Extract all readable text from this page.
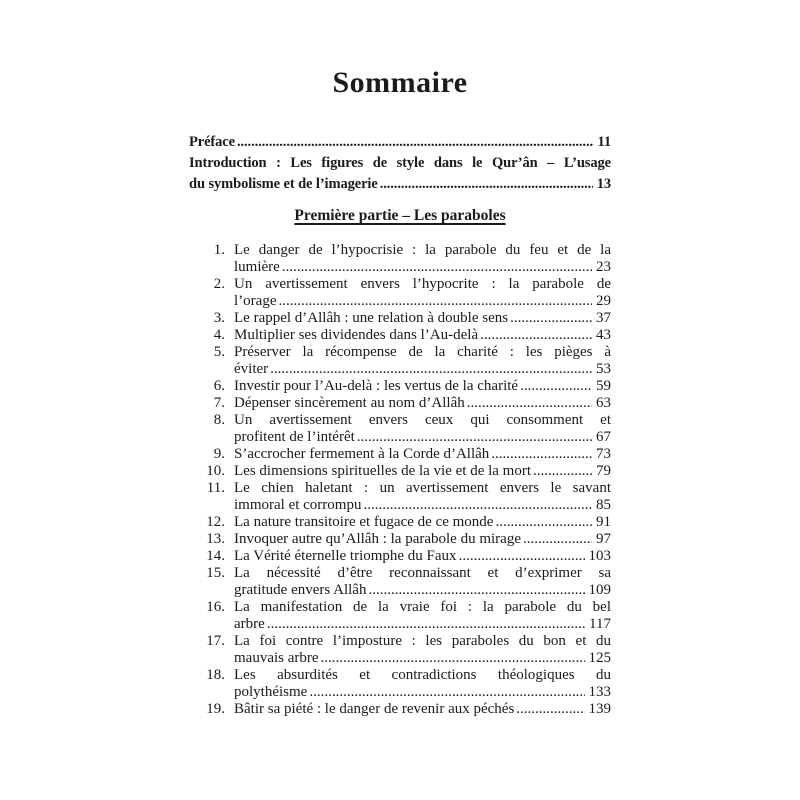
Sommaire
Préface .....	11
Introduction : Les figures de style dans le Qur’ân – L’usage
du symbolisme et de l’imagerie .....	13
Première partie – Les paraboles
1. Le danger de l’hypocrisie : la parabole du feu et de la
lumière .....	23
2. Un avertissement envers l’hypocrite : la parabole de
l’orage .....	29
3. Le rappel d’Allâh : une relation à double sens .....	37
4. Multiplier ses dividendes dans l’Au-delà .....	43
5. Préserver la récompense de la charité : les pièges à
éviter .....	53
6. Investir pour l’Au-delà : les vertus de la charité .....	59
7. Dépenser sincèrement au nom d’Allâh .....	63
8. Un avertissement envers ceux qui consomment et
profitent de l’intérêt .....	67
9. S’accrocher fermement à la Corde d’Allâh .....	73
10. Les dimensions spirituelles de la vie et de la mort .....	79
11. Le chien haletant : un avertissement envers le savant
immoral et corrompu .....	85
12. La nature transitoire et fugace de ce monde .....	91
13. Invoquer autre qu’Allâh : la parabole du mirage .....	97
14. La Vérité éternelle triomphe du Faux .....	103
15. La nécessité d’être reconnaissant et d’exprimer sa
gratitude envers Allâh .....	109
16. La manifestation de la vraie foi : la parabole du bel
arbre .....	117
17. La foi contre l’imposture : les paraboles du bon et du
mauvais arbre .....	125
18. Les absurdités et contradictions théologiques du
polythéisme .....	133
19. Bâtir sa piété : le danger de revenir aux péchés .....	139
